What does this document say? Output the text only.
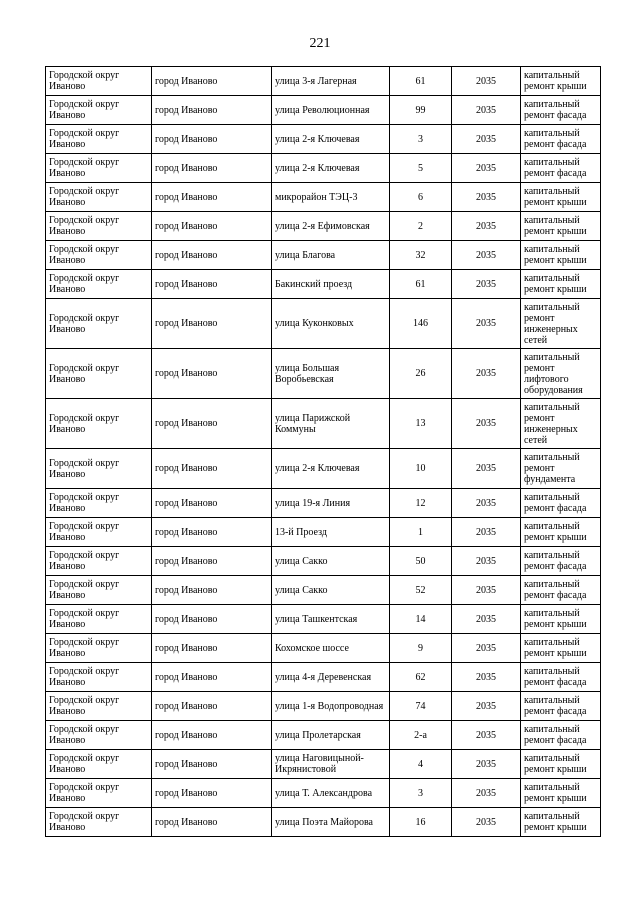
221
Городской округ Иваново	город Иваново	улица 3-я Лагерная	61	2035	капитальный ремонт крыши
Городской округ Иваново	город Иваново	улица Революционная	99	2035	капитальный ремонт фасада
Городской округ Иваново	город Иваново	улица 2-я Ключевая	3	2035	капитальный ремонт фасада
Городской округ Иваново	город Иваново	улица 2-я Ключевая	5	2035	капитальный ремонт фасада
Городской округ Иваново	город Иваново	микрорайон ТЭЦ-3	6	2035	капитальный ремонт крыши
Городской округ Иваново	город Иваново	улица 2-я Ефимовская	2	2035	капитальный ремонт крыши
Городской округ Иваново	город Иваново	улица Благова	32	2035	капитальный ремонт крыши
Городской округ Иваново	город Иваново	Бакинский проезд	61	2035	капитальный ремонт крыши
Городской округ Иваново	город Иваново	улица Куконковых	146	2035	капитальный ремонт инженерных сетей
Городской округ Иваново	город Иваново	улица Большая Воробьевская	26	2035	капитальный ремонт лифтового оборудования
Городской округ Иваново	город Иваново	улица Парижской Коммуны	13	2035	капитальный ремонт инженерных сетей
Городской округ Иваново	город Иваново	улица 2-я Ключевая	10	2035	капитальный ремонт фундамента
Городской округ Иваново	город Иваново	улица 19-я Линия	12	2035	капитальный ремонт фасада
Городской округ Иваново	город Иваново	13-й Проезд	1	2035	капитальный ремонт крыши
Городской округ Иваново	город Иваново	улица Сакко	50	2035	капитальный ремонт фасада
Городской округ Иваново	город Иваново	улица Сакко	52	2035	капитальный ремонт фасада
Городской округ Иваново	город Иваново	улица Ташкентская	14	2035	капитальный ремонт крыши
Городской округ Иваново	город Иваново	Кохомское шоссе	9	2035	капитальный ремонт крыши
Городской округ Иваново	город Иваново	улица 4-я Деревенская	62	2035	капитальный ремонт фасада
Городской округ Иваново	город Иваново	улица 1-я Водопроводная	74	2035	капитальный ремонт фасада
Городской округ Иваново	город Иваново	улица Пролетарская	2-а	2035	капитальный ремонт фасада
Городской округ Иваново	город Иваново	улица Наговицыной-Икрянистовой	4	2035	капитальный ремонт крыши
Городской округ Иваново	город Иваново	улица Т. Александрова	3	2035	капитальный ремонт крыши
Городской округ Иваново	город Иваново	улица Поэта Майорова	16	2035	капитальный ремонт крыши
